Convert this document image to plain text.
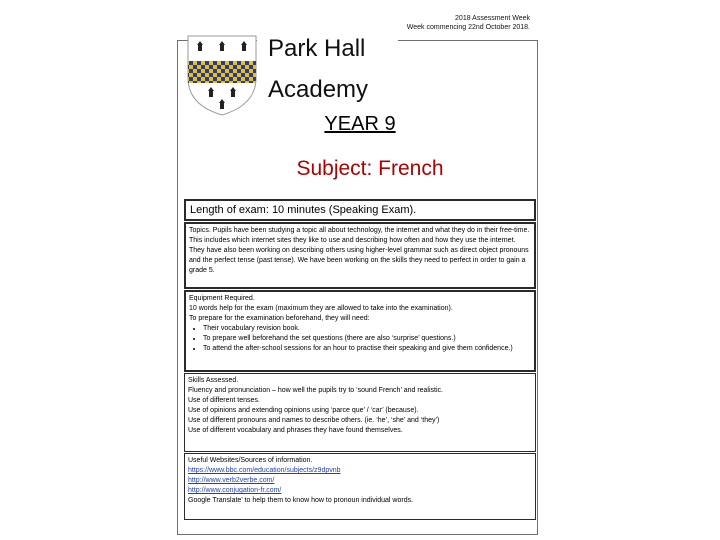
Park Hall
Academy
2018 Assessment Week
Week commencing 22nd October 2018.
YEAR 9
Subject: French
Length of exam: 10 minutes (Speaking Exam).
Topics. Pupils have been studying a topic all about technology, the internet and what they do in their free-time. This includes which internet sites they like to use and describing how often and how they use the internet. They have also been working on describing others using higher-level grammar such as direct object pronouns and the perfect tense (past tense). We have been working on the skills they need to perfect in order to gain a grade 5.
Equipment Required.
10 words help for the exam (maximum they are allowed to take into the examination).
To prepare for the examination beforehand, they will need:
• Their vocabulary revision book.
• To prepare well beforehand the set questions (there are also ‘surprise’ questions.)
• To attend the after-school sessions for an hour to practise their speaking and give them confidence.)
Skills Assessed.
Fluency and pronunciation – how well the pupils try to ‘sound French’ and realistic.
Use of different tenses.
Use of opinions and extending opinions using ‘parce que’ / ‘car’ (because).
Use of different pronouns and names to describe others. (ie. ‘he’, ‘she’ and ‘they’)
Use of different vocabulary and phrases they have found themselves.
Useful Websites/Sources of information.
https://www.bbc.com/education/subjects/z9dpvnb
http://www.verb2verbe.com/
http://www.conjugation-fr.com/
Google Translate’ to help them to know how to pronoun individual words.
